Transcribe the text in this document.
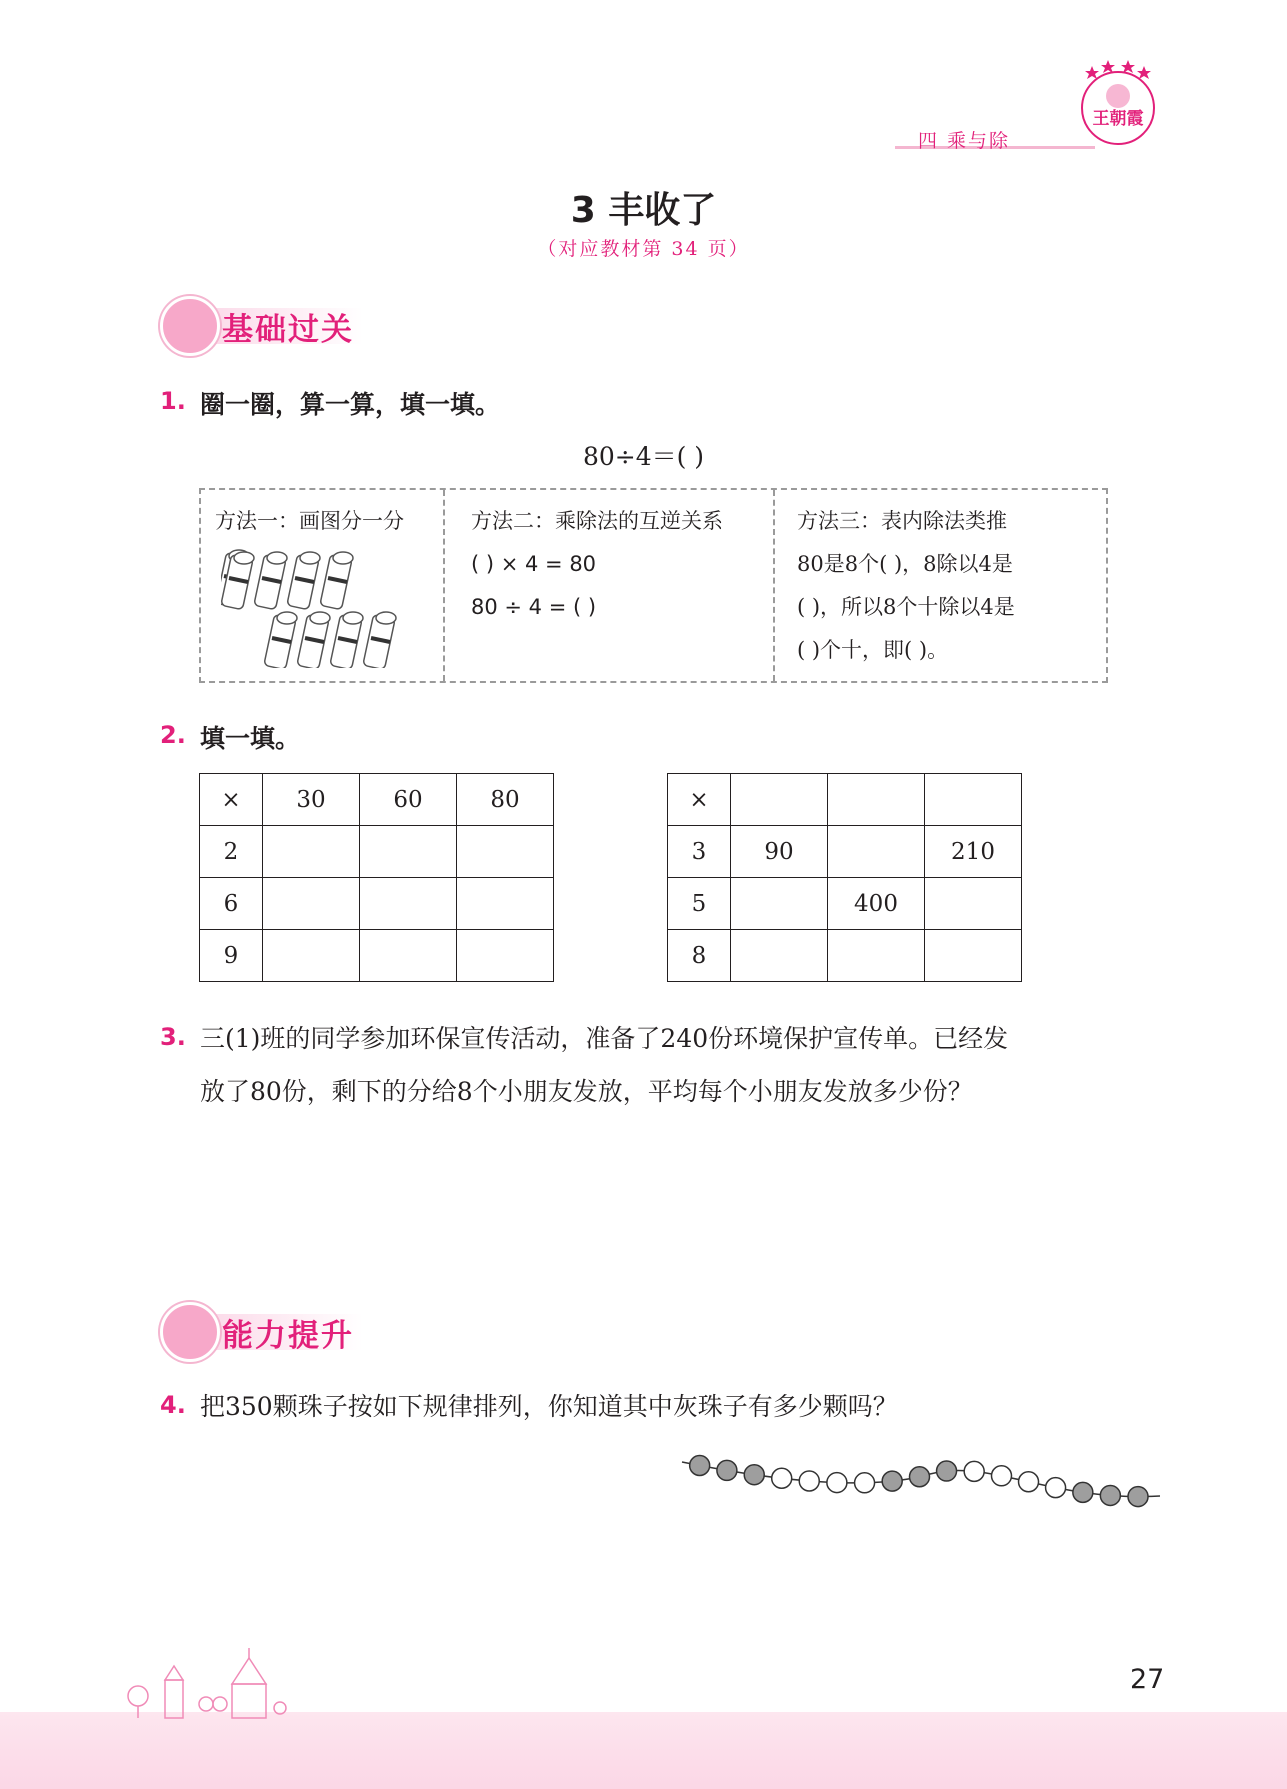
四 乘与除
王朝霞
3 丰收了
（对应教材第 34 页）
基础过关
1. 圈一圈，算一算，填一填。
80÷4＝( )
方法一：画图分一分	方法二：乘除法的互逆关系
( ) × 4 = 80
80 ÷ 4 = ( )
方法三：表内除法类推
80是8个( )，8除以4是
( )，所以8个十除以4是
( )个十，即( )。
2. 填一填。
×	30	60	80
2			
6			
9			
×			
3	90		210
5		400	
8			
3. 三(1)班的同学参加环保宣传活动，准备了240份环境保护宣传单。已经发
放了80份，剩下的分给8个小朋友发放，平均每个小朋友发放多少份？
能力提升
4. 把350颗珠子按如下规律排列，你知道其中灰珠子有多少颗吗？
27
